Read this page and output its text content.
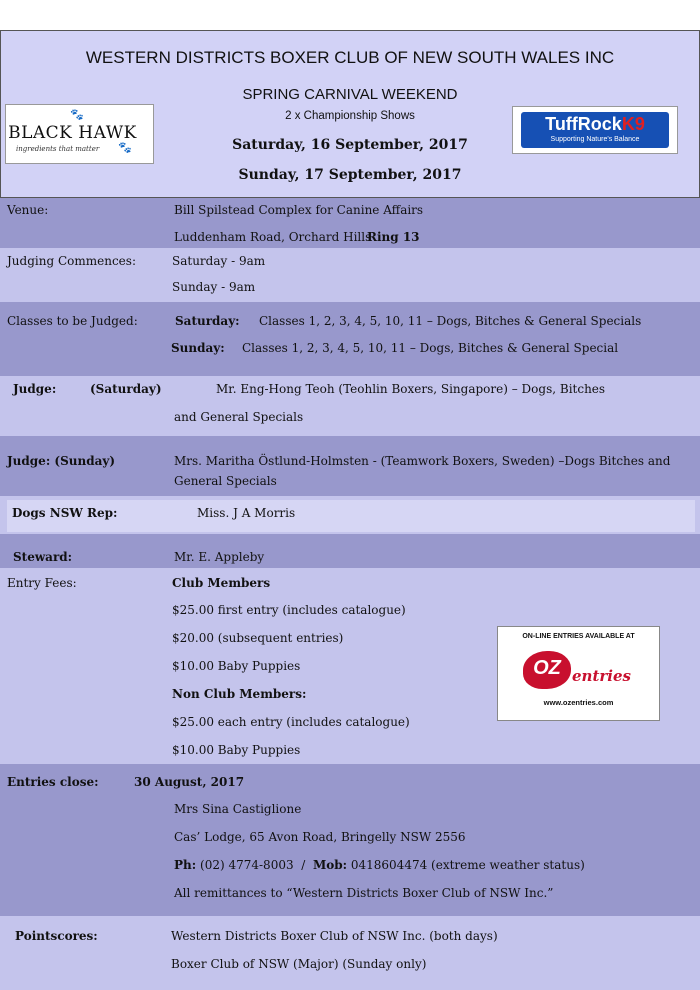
WESTERN DISTRICTS BOXER CLUB OF NEW SOUTH WALES INC
SPRING CARNIVAL WEEKEND
2 x Championship Shows
Saturday, 16 September, 2017
Sunday, 17 September, 2017
🐾
BLACK HAWK
ingredients that matter	🐾
TuffRockK9
Supporting Nature's Balance
Venue:	Bill Spilstead Complex for Canine Affairs
Luddenham Road, Orchard Hills
Ring 13
Judging Commences:	Saturday - 9am
Sunday - 9am
Classes to be Judged:	Saturday: Classes 1, 2, 3, 4, 5, 10, 11 – Dogs, Bitches & General Specials
Sunday: Classes 1, 2, 3, 4, 5, 10, 11 – Dogs, Bitches & General Special
Judge:	(Saturday)	Mr. Eng-Hong Teoh (Teohlin Boxers, Singapore) – Dogs, Bitches
and General Specials
Judge: (Sunday)	Mrs. Maritha Östlund-Holmsten - (Teamwork Boxers, Sweden) –Dogs Bitches and
General Specials
Dogs NSW Rep:	Miss. J A Morris
Steward:	Mr. E. Appleby
Entry Fees:	Club Members
$25.00 first entry (includes catalogue)
$20.00 (subsequent entries)
$10.00 Baby Puppies
Non Club Members:
$25.00 each entry (includes catalogue)
$10.00 Baby Puppies
ON-LINE ENTRIES AVAILABLE AT
OZ entries
www.ozentries.com
Entries close:	30 August, 2017
Mrs Sina Castiglione
Cas’ Lodge, 65 Avon Road, Bringelly NSW 2556
Ph: (02) 4774-8003 / Mob: 0418604474 (extreme weather status)
All remittances to “Western Districts Boxer Club of NSW Inc.”
Pointscores:	Western Districts Boxer Club of NSW Inc. (both days)
Boxer Club of NSW (Major) (Sunday only)
